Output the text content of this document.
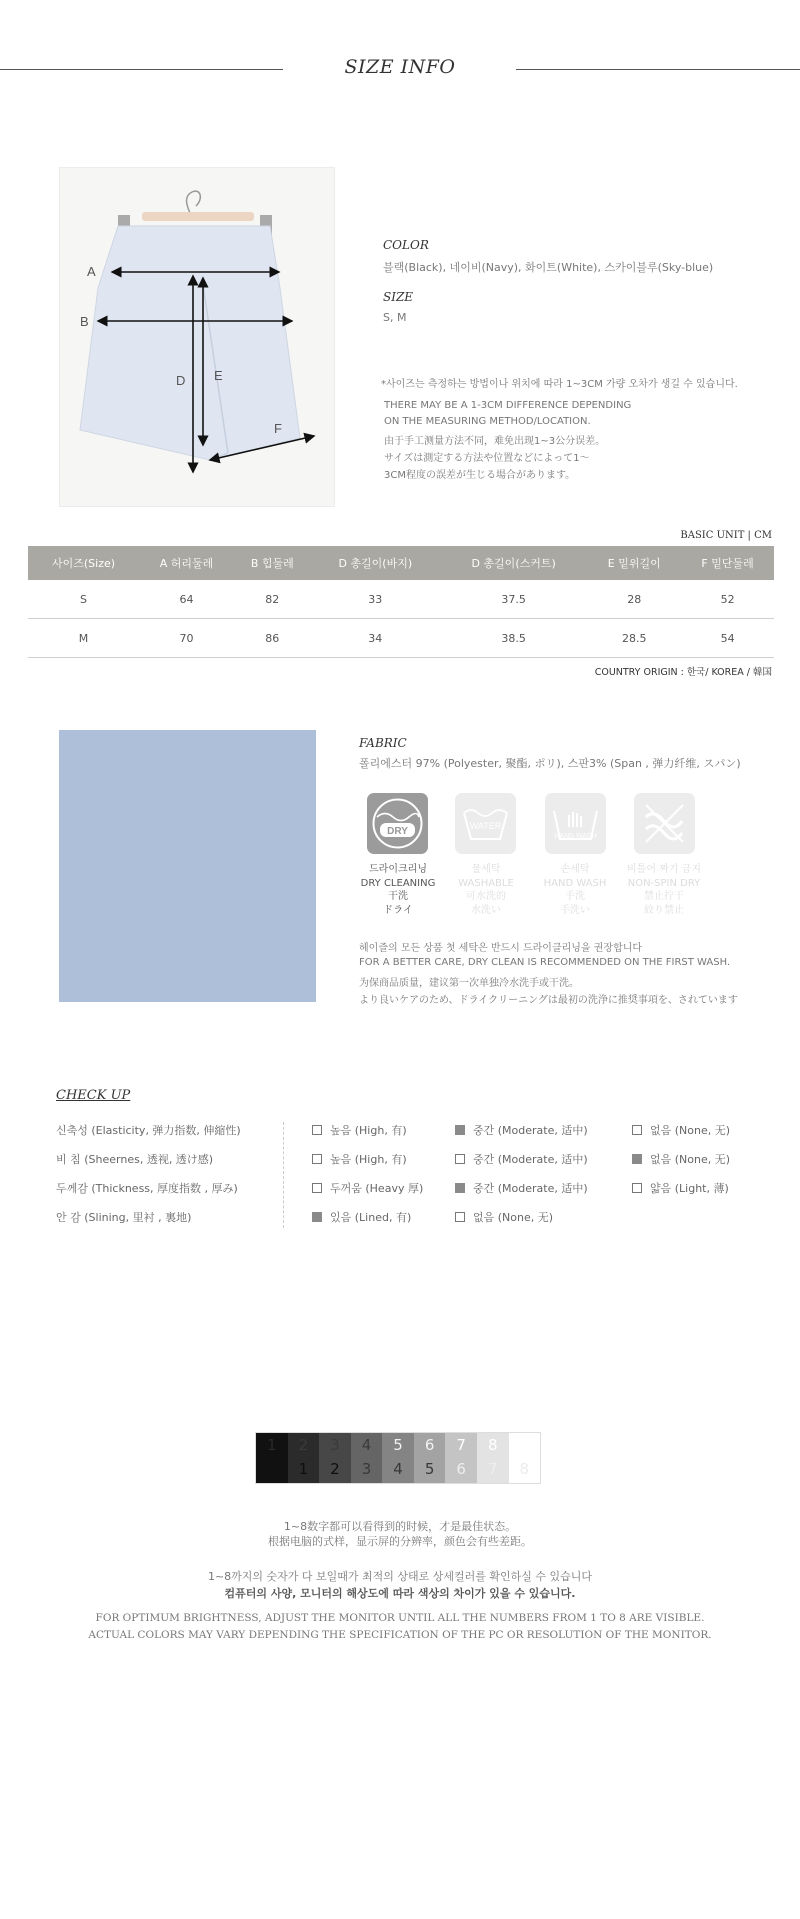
SIZE INFO
A
B
D E
F
COLOR
블랙(Black), 네이비(Navy), 화이트(White), 스카이블루(Sky-blue)
SIZE
S, M
*사이즈는 측정하는 방법이나 위치에 따라 1~3CM 가량 오차가 생길 수 있습니다.
THERE MAY BE A 1-3CM DIFFERENCE DEPENDING
ON THE MEASURING METHOD/LOCATION.
由于手工测量方法不同，难免出现1~3公分误差。
サイズは測定する方法や位置などによって1～
3CM程度の誤差が生じる場合があります。
BASIC UNIT | CM
사이즈(Size)	A 허리둘레	B 힙둘레	D 총길이(바지)	D 총길이(스커트)	E 밑위길이	F 밑단둘레
S	64	82	33	37.5	28	52
M	70	86	34	38.5	28.5	54
COUNTRY ORIGIN : 한국/ KOREA / 韓国
FABRIC
폴리에스터 97% (Polyester, 聚酯, ポリ), 스판3% (Span , 弹力纤维, スパン)
DRY	WATER
HAND WASH
드라이크리닝
DRY CLEANING
干洗
ドライ
물세탁
WASHABLE
可水洗的
水洗い
손세탁
HAND WASH
手洗
手洗い
비틀어 짜기 금지
NON-SPIN DRY
禁止拧干
絞り禁止
헤이즐의 모든 상품 첫 세탁은 반드시 드라이클리닝을 권장합니다
FOR A BETTER CARE, DRY CLEAN IS RECOMMENDED ON THE FIRST WASH.
为保商品质量，建议第一次单独冷水洗手或干洗。
より良いケアのため、ドライクリーニングは最初の洗浄に推奨事項を、されています
CHECK UP
신축성 (Elasticity, 弹力指数, 伸縮性)	높음 (High, 有)	중간 (Moderate, 适中)	없음 (None, 无)
비 침 (Sheernes, 透视, 透け感)	높음 (High, 有)	중간 (Moderate, 适中)	없음 (None, 无)
두께감 (Thickness, 厚度指数 , 厚み)	두꺼움 (Heavy 厚)	중간 (Moderate, 适中)	얇음 (Light, 薄)
안 감 (Slining, 里衬 , 裏地)	있음 (Lined, 有)	없음 (None, 无)
1	2
1
3
2
4
3
5
4
6
5
7
6
8
7	8
1~8数字都可以看得到的时候，才是最佳状态。
根据电脑的式样，显示屏的分辨率，颜色会有些差距。
1~8까지의 숫자가 다 보일때가 최적의 상태로 상세컬러를 확인하실 수 있습니다
컴퓨터의 사양, 모니터의 해상도에 따라 색상의 차이가 있을 수 있습니다.
FOR OPTIMUM BRIGHTNESS, ADJUST THE MONITOR UNTIL ALL THE NUMBERS FROM 1 TO 8 ARE VISIBLE.
ACTUAL COLORS MAY VARY DEPENDING THE SPECIFICATION OF THE PC OR RESOLUTION OF THE MONITOR.
